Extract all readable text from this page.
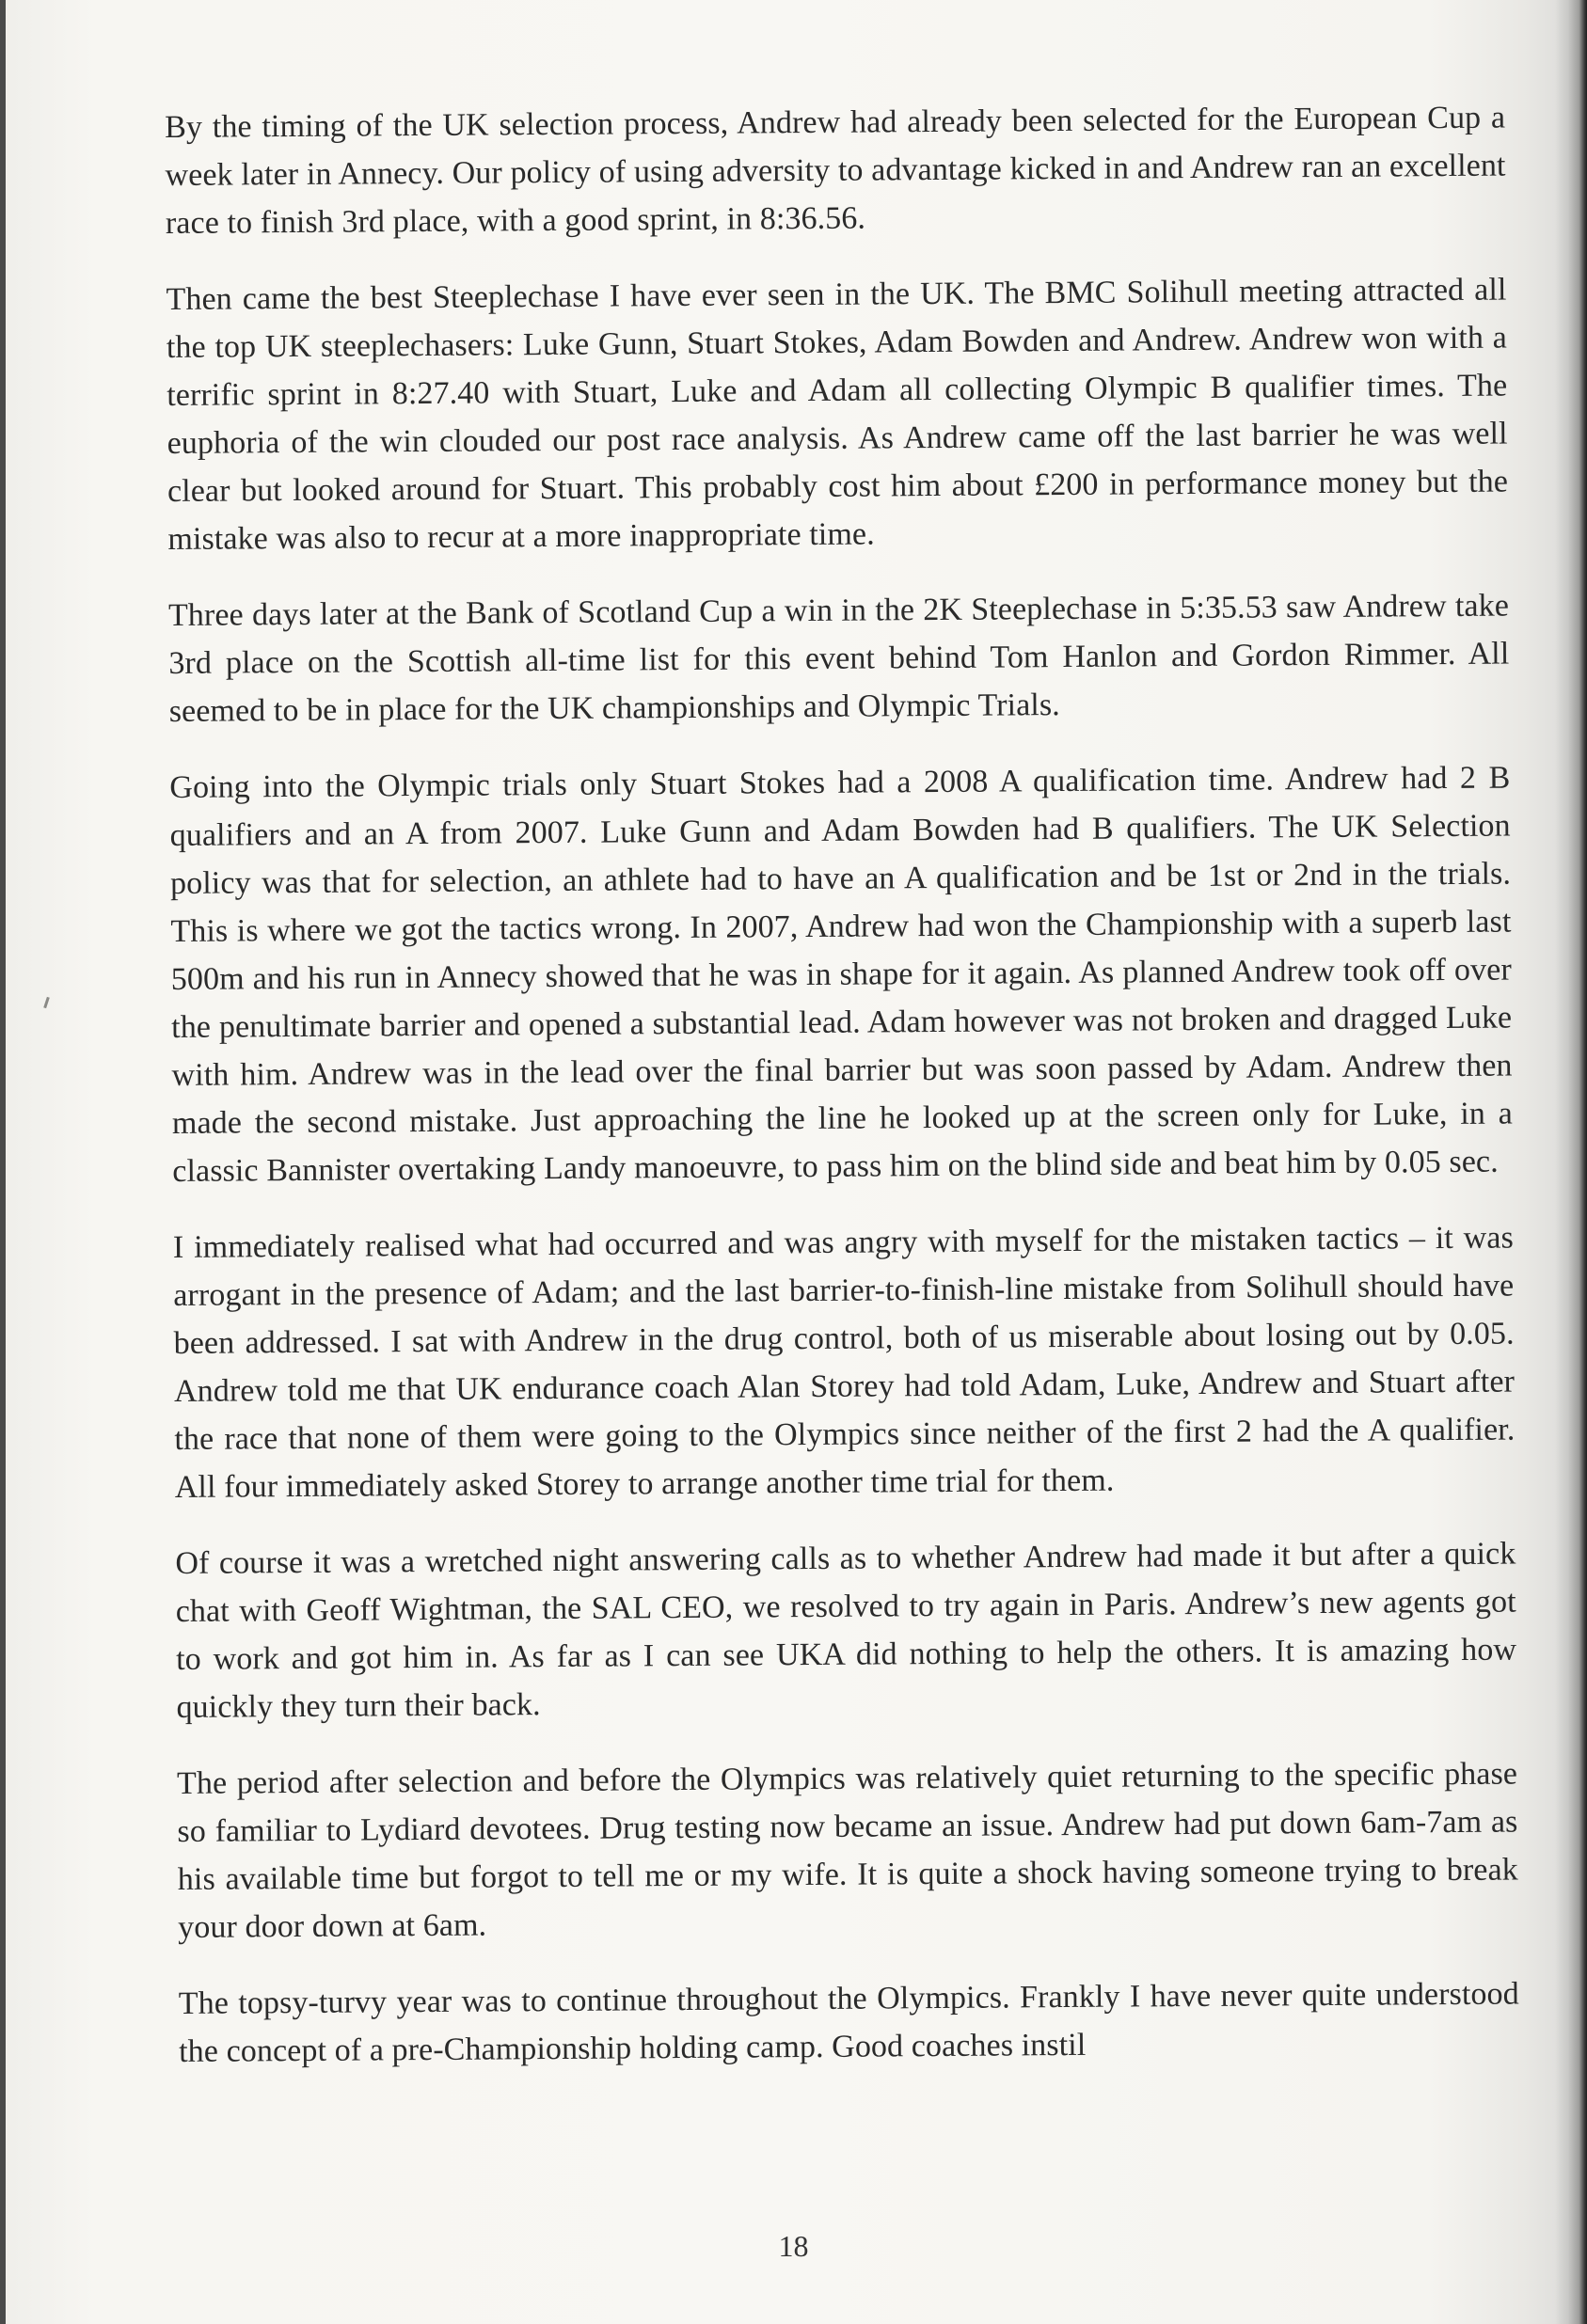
By the timing of the UK selection process, Andrew had already been selected for the European Cup a week later in Annecy. Our policy of using adversity to advantage kicked in and Andrew ran an excellent race to finish 3rd place, with a good sprint, in 8:36.56.

Then came the best Steeplechase I have ever seen in the UK. The BMC Solihull meeting attracted all the top UK steeplechasers: Luke Gunn, Stuart Stokes, Adam Bowden and Andrew. Andrew won with a terrific sprint in 8:27.40 with Stuart, Luke and Adam all collecting Olympic B qualifier times. The euphoria of the win clouded our post race analysis. As Andrew came off the last barrier he was well clear but looked around for Stuart. This probably cost him about £200 in performance money but the mistake was also to recur at a more inappropriate time.

Three days later at the Bank of Scotland Cup a win in the 2K Steeplechase in 5:35.53 saw Andrew take 3rd place on the Scottish all-time list for this event behind Tom Hanlon and Gordon Rimmer. All seemed to be in place for the UK championships and Olympic Trials.

Going into the Olympic trials only Stuart Stokes had a 2008 A qualification time. Andrew had 2 B qualifiers and an A from 2007. Luke Gunn and Adam Bowden had B qualifiers. The UK Selection policy was that for selection, an athlete had to have an A qualification and be 1st or 2nd in the trials. This is where we got the tactics wrong. In 2007, Andrew had won the Championship with a superb last 500m and his run in Annecy showed that he was in shape for it again. As planned Andrew took off over the penultimate barrier and opened a substantial lead. Adam however was not broken and dragged Luke with him. Andrew was in the lead over the final barrier but was soon passed by Adam. Andrew then made the second mistake. Just approaching the line he looked up at the screen only for Luke, in a classic Bannister overtaking Landy manoeuvre, to pass him on the blind side and beat him by 0.05 sec.

I immediately realised what had occurred and was angry with myself for the mistaken tactics – it was arrogant in the presence of Adam; and the last barrier-to-finish-line mistake from Solihull should have been addressed. I sat with Andrew in the drug control, both of us miserable about losing out by 0.05. Andrew told me that UK endurance coach Alan Storey had told Adam, Luke, Andrew and Stuart after the race that none of them were going to the Olympics since neither of the first 2 had the A qualifier. All four immediately asked Storey to arrange another time trial for them.

Of course it was a wretched night answering calls as to whether Andrew had made it but after a quick chat with Geoff Wightman, the SAL CEO, we resolved to try again in Paris. Andrew’s new agents got to work and got him in. As far as I can see UKA did nothing to help the others. It is amazing how quickly they turn their back.

The period after selection and before the Olympics was relatively quiet returning to the specific phase so familiar to Lydiard devotees. Drug testing now became an issue. Andrew had put down 6am-7am as his available time but forgot to tell me or my wife. It is quite a shock having someone trying to break your door down at 6am.

The topsy-turvy year was to continue throughout the Olympics. Frankly I have never quite understood the concept of a pre-Championship holding camp. Good coaches instil

18
